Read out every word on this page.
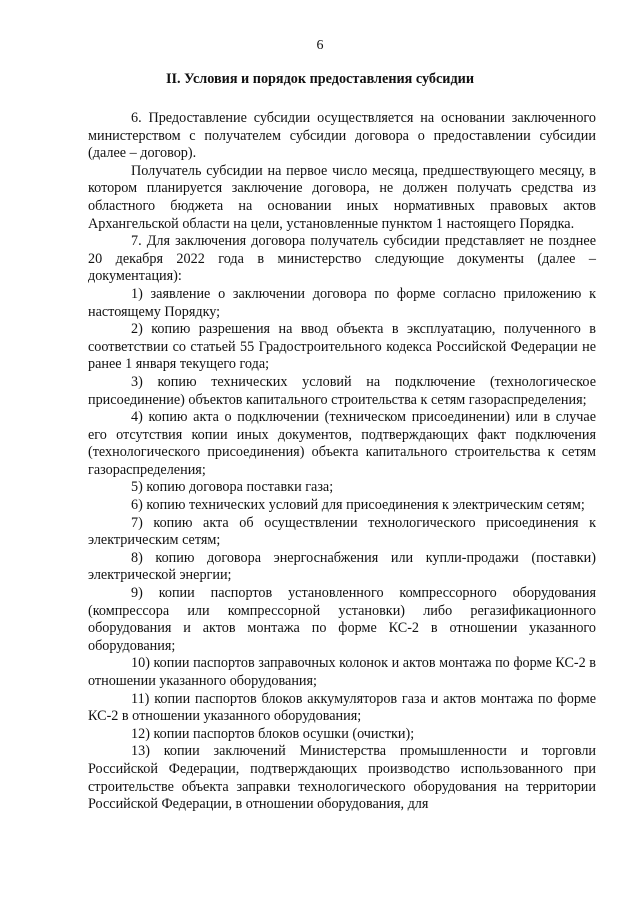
6
II. Условия и порядок предоставления субсидии

6. Предоставление субсидии осуществляется на основании заключенного министерством с получателем субсидии договора о предоставлении субсидии (далее – договор).

Получатель субсидии на первое число месяца, предшествующего месяцу, в котором планируется заключение договора, не должен получать средства из областного бюджета на основании иных нормативных правовых актов Архангельской области на цели, установленные пунктом 1 настоящего Порядка.

7. Для заключения договора получатель субсидии представляет не позднее 20 декабря 2022 года в министерство следующие документы (далее – документация):

1) заявление о заключении договора по форме согласно приложению к настоящему Порядку;

2) копию разрешения на ввод объекта в эксплуатацию, полученного в соответствии со статьей 55 Градостроительного кодекса Российской Федерации не ранее 1 января текущего года;

3) копию технических условий на подключение (технологическое присоединение) объектов капитального строительства к сетям газораспределения;

4) копию акта о подключении (техническом присоединении) или в случае его отсутствия копии иных документов, подтверждающих факт подключения (технологического присоединения) объекта капитального строительства к сетям газораспределения;

5) копию договора поставки газа;

6) копию технических условий для присоединения к электрическим сетям;

7) копию акта об осуществлении технологического присоединения к электрическим сетям;

8) копию договора энергоснабжения или купли-продажи (поставки) электрической энергии;

9) копии паспортов установленного компрессорного оборудования (компрессора или компрессорной установки) либо регазификационного оборудования и актов монтажа по форме КС-2 в отношении указанного оборудования;

10) копии паспортов заправочных колонок и актов монтажа по форме КС-2 в отношении указанного оборудования;

11) копии паспортов блоков аккумуляторов газа и актов монтажа по форме КС-2 в отношении указанного оборудования;

12) копии паспортов блоков осушки (очистки);

13) копии заключений Министерства промышленности и торговли Российской Федерации, подтверждающих производство использованного при строительстве объекта заправки технологического оборудования на территории Российской Федерации, в отношении оборудования, для
